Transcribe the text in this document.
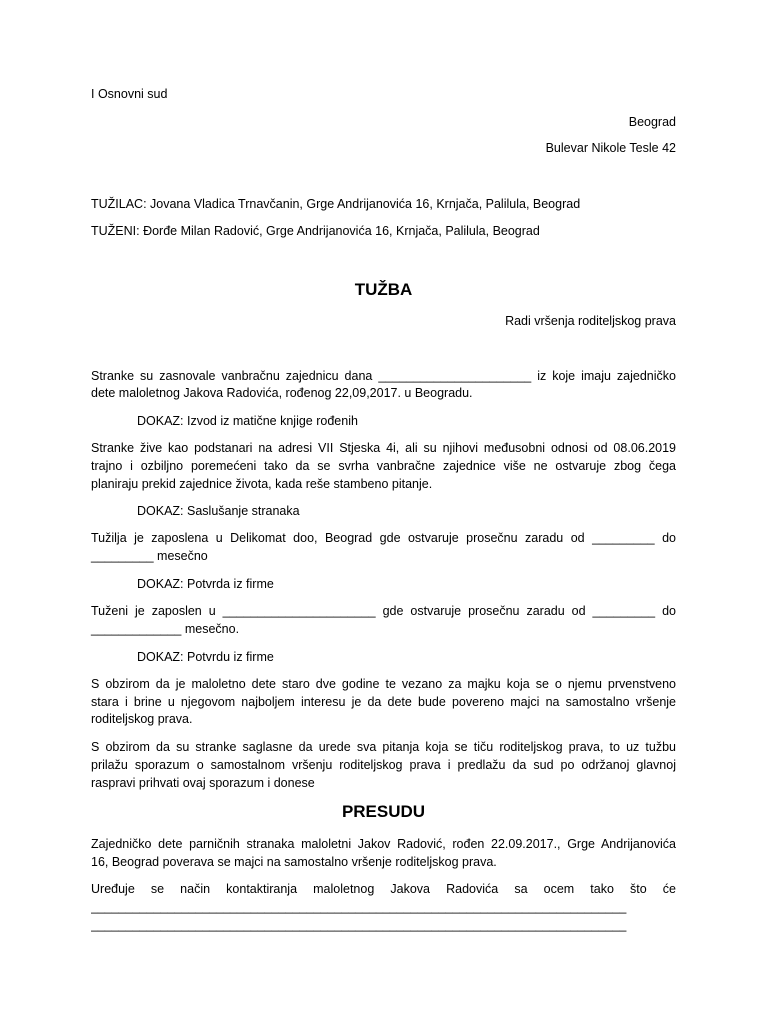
I Osnovni sud
Beograd
Bulevar Nikole Tesle 42
TUŽILAC: Jovana Vladica Trnavčanin, Grge Andrijanovića 16, Krnjača, Palilula, Beograd
TUŽENI: Đorđe Milan Radović, Grge Andrijanovića 16, Krnjača, Palilula, Beograd
TUŽBA
Radi vršenja roditeljskog prava
Stranke su zasnovale vanbračnu zajednicu dana ______________________ iz koje imaju zajedničko
dete maloletnog Jakova Radovića, rođenog 22,09,2017. u Beogradu.
DOKAZ: Izvod iz matične knjige rođenih
Stranke žive kao podstanari na adresi VII Stjeska 4i, ali su njihovi međusobni odnosi od 08.06.2019
trajno i ozbiljno poremećeni tako da se svrha vanbračne zajednice više ne ostvaruje zbog čega
planiraju prekid zajednice života, kada reše stambeno pitanje.
DOKAZ: Saslušanje stranaka
Tužilja je zaposlena u Delikomat doo, Beograd gde ostvaruje prosečnu zaradu od _________ do
_________ mesečno
DOKAZ: Potvrda iz firme
Tuženi je zaposlen u ______________________ gde ostvaruje prosečnu zaradu od _________ do
_____________ mesečno.
DOKAZ: Potvrdu iz firme
S obzirom da je maloletno dete staro dve godine te vezano za majku koja se o njemu prvenstveno
stara i brine u njegovom najboljem interesu je da dete bude povereno majci na samostalno vršenje
roditeljskog prava.
S obzirom da su stranke saglasne da urede sva pitanja koja se tiču roditeljskog prava, to uz tužbu
prilažu sporazum o samostalnom vršenju roditeljskog prava i predlažu da sud po održanoj glavnoj
raspravi prihvati ovaj sporazum i donese
PRESUDU
Zajedničko dete parničnih stranaka maloletni Jakov Radović, rođen 22.09.2017., Grge Andrijanovića
16, Beograd poverava se majci na samostalno vršenje roditeljskog prava.
Uređuje se način kontaktiranja maloletnog Jakova Radovića sa ocem tako što će
_____________________________________________________________________________
_____________________________________________________________________________
